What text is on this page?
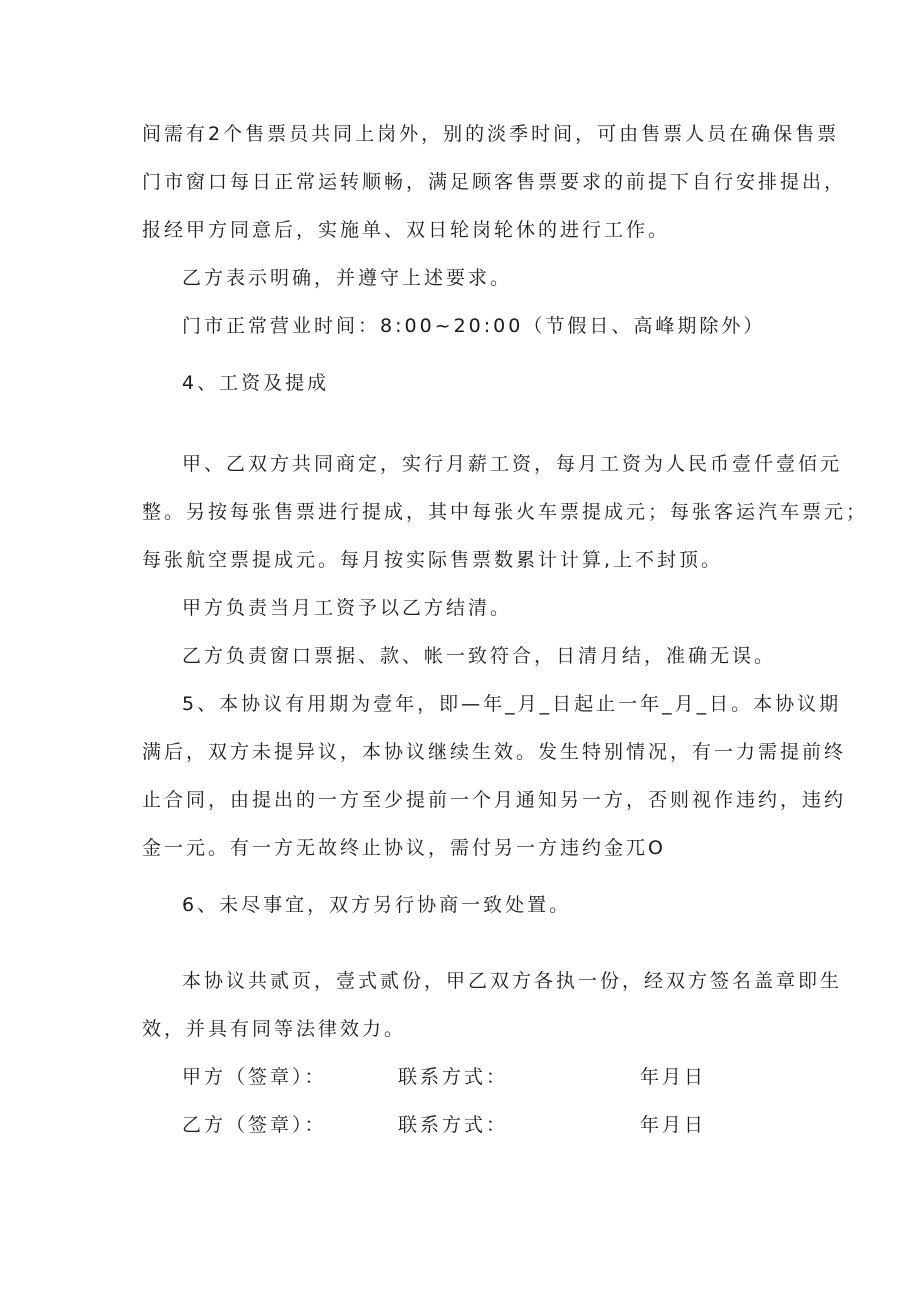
间需有2个售票员共同上岗外，别的淡季时间，可由售票人员在确保售票
门市窗口每日正常运转顺畅，满足顾客售票要求的前提下自行安排提出，
报经甲方同意后，实施单、双日轮岗轮休的进行工作。
乙方表示明确，并遵守上述要求。
门市正常营业时间：8:00~20:00（节假日、高峰期除外）
4、工资及提成
甲、乙双方共同商定，实行月薪工资，每月工资为人民币壹仟壹佰元
整。另按每张售票进行提成，其中每张火车票提成元；每张客运汽车票元；
每张航空票提成元。每月按实际售票数累计计算,上不封顶。
甲方负责当月工资予以乙方结清。
乙方负责窗口票据、款、帐一致符合，日清月结，准确无误。
5、本协议有用期为壹年，即—年_月_日起止一年_月_日。本协议期
满后，双方未提异议，本协议继续生效。发生特别情况，有一力需提前终
止合同，由提出的一方至少提前一个月通知另一方，否则视作违约，违约
金一元。有一方无故终止协议，需付另一方违约金兀O
6、未尽事宜，双方另行协商一致处置。
本协议共贰页，壹式贰份，甲乙双方各执一份，经双方签名盖章即生
效，并具有同等法律效力。
甲方（签章）：	联系方式：	年月日
乙方（签章）：	联系方式：	年月日
